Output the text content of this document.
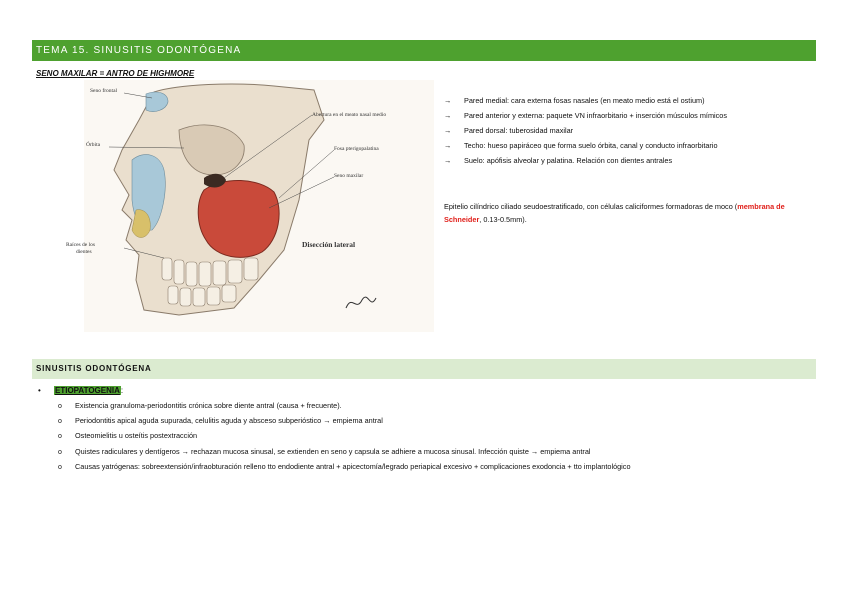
TEMA 15. SINUSITIS ODONTÓGENA
SENO MAXILAR = ANTRO DE HIGHMORE
Seno frontal
Órbita
Raíces de los
dientes
Abertura en el meato nasal medio
Fosa pterigopalatina
Seno maxilar
Disección lateral
→ Pared medial: cara externa fosas nasales (en meato medio está el ostium)
→ Pared anterior y externa: paquete VN infraorbitario + inserción músculos mímicos
→ Pared dorsal: tuberosidad maxilar
→ Techo: hueso papiráceo que forma suelo órbita, canal y conducto infraorbitario
→ Suelo: apófisis alveolar y palatina. Relación con dientes antrales
Epitelio cilíndrico ciliado seudoestratificado, con células caliciformes formadoras de moco (membrana de Schneider, 0.13-0.5mm).
SINUSITIS ODONTÓGENA
• ETIOPATOGENIA:
o Existencia granuloma-periodontitis crónica sobre diente antral (causa + frecuente).
o Periodontitis apical aguda supurada, celulitis aguda y absceso subperióstico → empiema antral
o Osteomielitis u osteítis postextracción
o Quistes radiculares y dentígeros → rechazan mucosa sinusal, se extienden en seno y capsula se adhiere a mucosa sinusal. Infección quiste → empiema antral
o Causas yatrógenas: sobreextensión/infraobturación relleno tto endodiente antral + apicectomía/legrado periapical excesivo + complicaciones exodoncia + tto implantológico
